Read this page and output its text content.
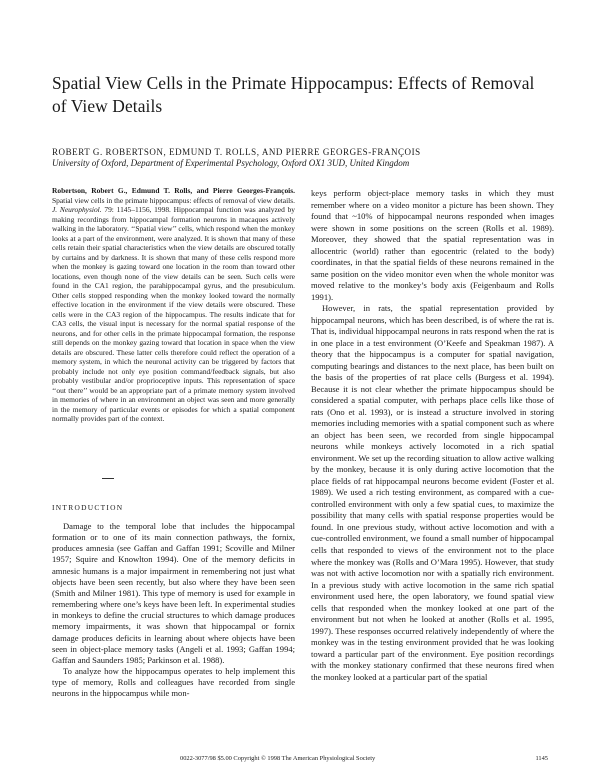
Spatial View Cells in the Primate Hippocampus: Effects of Removal of View Details

ROBERT G. ROBERTSON, EDMUND T. ROLLS, AND PIERRE GEORGES-FRANÇOIS

University of Oxford, Department of Experimental Psychology, Oxford OX1 3UD, United Kingdom

Robertson, Robert G., Edmund T. Rolls, and Pierre Georges-François. Spatial view cells in the primate hippocampus: effects of removal of view details. J. Neurophysiol. 79: 1145–1156, 1998. Hippocampal function was analyzed by making recordings from hippocampal formation neurons in macaques actively walking in the laboratory. ‘‘Spatial view’’ cells, which respond when the monkey looks at a part of the environment, were analyzed. It is shown that many of these cells retain their spatial characteristics when the view details are obscured totally by curtains and by darkness. It is shown that many of these cells respond more when the monkey is gazing toward one location in the room than toward other locations, even though none of the view details can be seen. Such cells were found in the CA1 region, the parahippocampal gyrus, and the presubiculum. Other cells stopped responding when the monkey looked toward the normally effective location in the environment if the view details were obscured. These cells were in the CA3 region of the hippocampus. The results indicate that for CA3 cells, the visual input is necessary for the normal spatial response of the neurons, and for other cells in the primate hippocampal formation, the response still depends on the monkey gazing toward that location in space when the view details are obscured. These latter cells therefore could reflect the operation of a memory system, in which the neuronal activity can be triggered by factors that probably include not only eye position command/feedback signals, but also probably vestibular and/or proprioceptive inputs. This representation of space ‘‘out there’’ would be an appropriate part of a primate memory system involved in memories of where in an environment an object was seen and more generally in the memory of particular events or episodes for which a spatial component normally provides part of the context.

INTRODUCTION

Damage to the temporal lobe that includes the hippocampal formation or to one of its main connection pathways, the fornix, produces amnesia (see Gaffan and Gaffan 1991; Scoville and Milner 1957; Squire and Knowlton 1994). One of the memory deficits in amnesic humans is a major impairment in remembering not just what objects have been seen recently, but also where they have been seen (Smith and Milner 1981). This type of memory is used for example in remembering where one’s keys have been left. In experimental studies in monkeys to define the crucial structures to which damage produces memory impairments, it was shown that hippocampal or fornix damage produces deficits in learning about where objects have been seen in object-place memory tasks (Angeli et al. 1993; Gaffan 1994; Gaffan and Saunders 1985; Parkinson et al. 1988).

To analyze how the hippocampus operates to help implement this type of memory, Rolls and colleagues have recorded from single neurons in the hippocampus while mon-

keys perform object-place memory tasks in which they must remember where on a video monitor a picture has been shown. They found that ~10% of hippocampal neurons responded when images were shown in some positions on the screen (Rolls et al. 1989). Moreover, they showed that the spatial representation was in allocentric (world) rather than egocentric (related to the body) coordinates, in that the spatial fields of these neurons remained in the same position on the video monitor even when the whole monitor was moved relative to the monkey’s body axis (Feigenbaum and Rolls 1991).

However, in rats, the spatial representation provided by hippocampal neurons, which has been described, is of where the rat is. That is, individual hippocampal neurons in rats respond when the rat is in one place in a test environment (O’Keefe and Speakman 1987). A theory that the hippocampus is a computer for spatial navigation, computing bearings and distances to the next place, has been built on the basis of the properties of rat place cells (Burgess et al. 1994). Because it is not clear whether the primate hippocampus should be considered a spatial computer, with perhaps place cells like those of rats (Ono et al. 1993), or is instead a structure involved in storing memories including memories with a spatial component such as where an object has been seen, we recorded from single hippocampal neurons while monkeys actively locomoted in a rich spatial environment. We set up the recording situation to allow active walking by the monkey, because it is only during active locomotion that the place fields of rat hippocampal neurons become evident (Foster et al. 1989). We used a rich testing environment, as compared with a cue-controlled environment with only a few spatial cues, to maximize the possibility that many cells with spatial response properties would be found. In one previous study, without active locomotion and with a cue-controlled environment, we found a small number of hippocampal cells that responded to views of the environment not to the place where the monkey was (Rolls and O’Mara 1995). However, that study was not with active locomotion nor with a spatially rich environment. In a previous study with active locomotion in the same rich spatial environment used here, the open laboratory, we found spatial view cells that responded when the monkey looked at one part of the environment but not when he looked at another (Rolls et al. 1995, 1997). These responses occurred relatively independently of where the monkey was in the testing environment provided that he was looking toward a particular part of the environment. Eye position recordings with the monkey stationary confirmed that these neurons fired when the monkey looked at a particular part of the spatial

0022-3077/98 $5.00 Copyright © 1998 The American Physiological Society	1145
